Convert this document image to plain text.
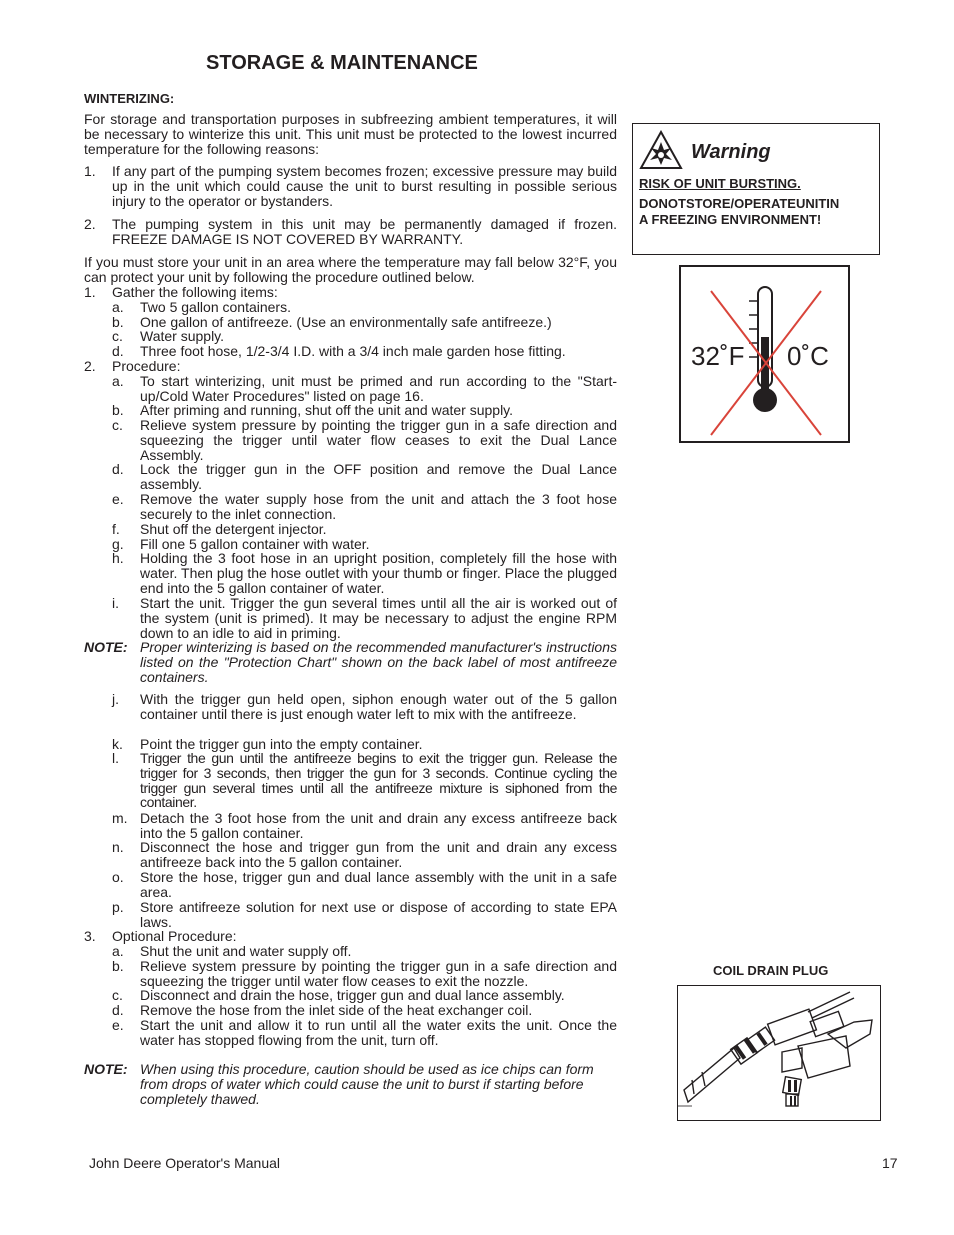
STORAGE & MAINTENANCE
WINTERIZING:
For storage and transportation purposes in subfreezing ambient temperatures, it will be necessary to winterize this unit. This unit must be protected to the lowest incurred temperature for the following reasons:
1. If any part of the pumping system becomes frozen; excessive pressure may build up in the unit which could cause the unit to burst resulting in possible serious injury to the operator or bystanders.
2. The pumping system in this unit may be permanently damaged if frozen. FREEZE DAMAGE IS NOT COVERED BY WARRANTY.
If you must store your unit in an area where the temperature may fall below 32°F, you can protect your unit by following the procedure outlined below.
1. Gather the following items:
a. Two 5 gallon containers.
b. One gallon of antifreeze. (Use an environmentally safe antifreeze.)
c. Water supply.
d. Three foot hose, 1/2-3/4 I.D. with a 3/4 inch male garden hose fitting.
2. Procedure:
a. To start winterizing, unit must be primed and run according to the "Start-up/Cold Water Procedures" listed on page 16.
b. After priming and running, shut off the unit and water supply.
c. Relieve system pressure by pointing the trigger gun in a safe direction and squeezing the trigger until water flow ceases to exit the Dual Lance Assembly.
d. Lock the trigger gun in the OFF position and remove the Dual Lance assembly.
e. Remove the water supply hose from the unit and attach the 3 foot hose securely to the inlet connection.
f. Shut off the detergent injector.
g. Fill one 5 gallon container with water.
h. Holding the 3 foot hose in an upright position, completely fill the hose with water. Then plug the hose outlet with your thumb or finger. Place the plugged end into the 5 gallon container of water.
i. Start the unit. Trigger the gun several times until all the air is worked out of the system (unit is primed). It may be necessary to adjust the engine RPM down to an idle to aid in priming.
NOTE: Proper winterizing is based on the recommended manufacturer's instructions listed on the "Protection Chart" shown on the back label of most antifreeze containers.
j. With the trigger gun held open, siphon enough water out of the 5 gallon container until there is just enough water left to mix with the antifreeze.
k. Point the trigger gun into the empty container.
l. Trigger the gun until the antifreeze begins to exit the trigger gun. Release the trigger for 3 seconds, then trigger the gun for 3 seconds. Continue cycling the trigger gun several times until all the antifreeze mixture is siphoned from the container.
m. Detach the 3 foot hose from the unit and drain any excess antifreeze back into the 5 gallon container.
n. Disconnect the hose and trigger gun from the unit and drain any excess antifreeze back into the 5 gallon container.
o. Store the hose, trigger gun and dual lance assembly with the unit in a safe area.
p. Store antifreeze solution for next use or dispose of according to state EPA laws.
3. Optional Procedure:
a. Shut the unit and water supply off.
b. Relieve system pressure by pointing the trigger gun in a safe direction and squeezing the trigger until water flow ceases to exit the nozzle.
c. Disconnect and drain the hose, trigger gun and dual lance assembly.
d. Remove the hose from the inlet side of the heat exchanger coil.
e. Start the unit and allow it to run until all the water exits the unit. Once the water has stopped flowing from the unit, turn off.
NOTE: When using this procedure, caution should be used as ice chips can form from drops of water which could cause the unit to burst if starting before completely thawed.
Warning
RISK OF UNIT BURSTING.
DONOTSTORE/OPERATEUNITIN
A FREEZING ENVIRONMENT!
32˚F 0˚C
COIL DRAIN PLUG
John Deere Operator's Manual	17
